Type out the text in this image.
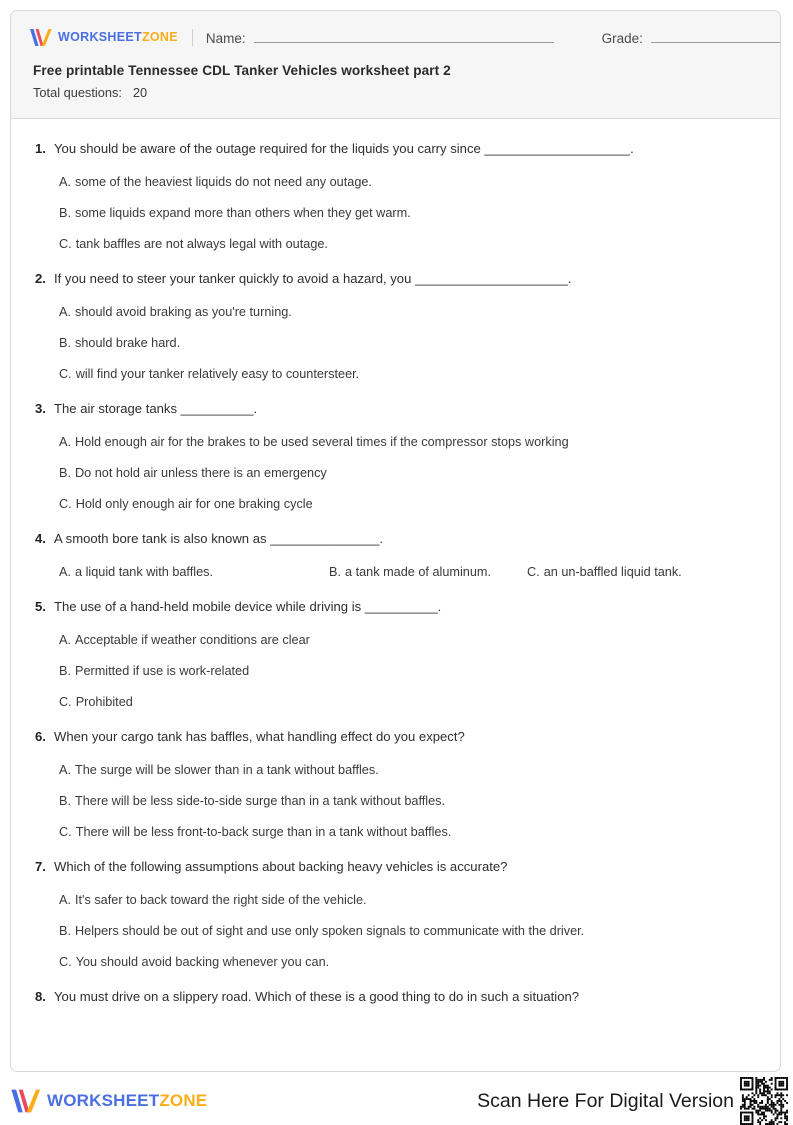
WORKSHEETZONE Name:	Grade:
Free printable Tennessee CDL Tanker Vehicles worksheet part 2
Total questions: 20
1. You should be aware of the outage required for the liquids you carry since ____________________.
A. some of the heaviest liquids do not need any outage.
B. some liquids expand more than others when they get warm.
C. tank baffles are not always legal with outage.
2. If you need to steer your tanker quickly to avoid a hazard, you _____________________.
A. should avoid braking as you're turning.
B. should brake hard.
C. will find your tanker relatively easy to countersteer.
3. The air storage tanks __________.
A. Hold enough air for the brakes to be used several times if the compressor stops working
B. Do not hold air unless there is an emergency
C. Hold only enough air for one braking cycle
4. A smooth bore tank is also known as _______________.
A. a liquid tank with baffles.	B. a tank made of aluminum.	C. an un-baffled liquid tank.
5. The use of a hand-held mobile device while driving is __________.
A. Acceptable if weather conditions are clear
B. Permitted if use is work-related
C. Prohibited
6. When your cargo tank has baffles, what handling effect do you expect?
A. The surge will be slower than in a tank without baffles.
B. There will be less side-to-side surge than in a tank without baffles.
C. There will be less front-to-back surge than in a tank without baffles.
7. Which of the following assumptions about backing heavy vehicles is accurate?
A. It's safer to back toward the right side of the vehicle.
B. Helpers should be out of sight and use only spoken signals to communicate with the driver.
C. You should avoid backing whenever you can.
8. You must drive on a slippery road. Which of these is a good thing to do in such a situation?
WORKSHEETZONE	Scan Here For Digital Version
